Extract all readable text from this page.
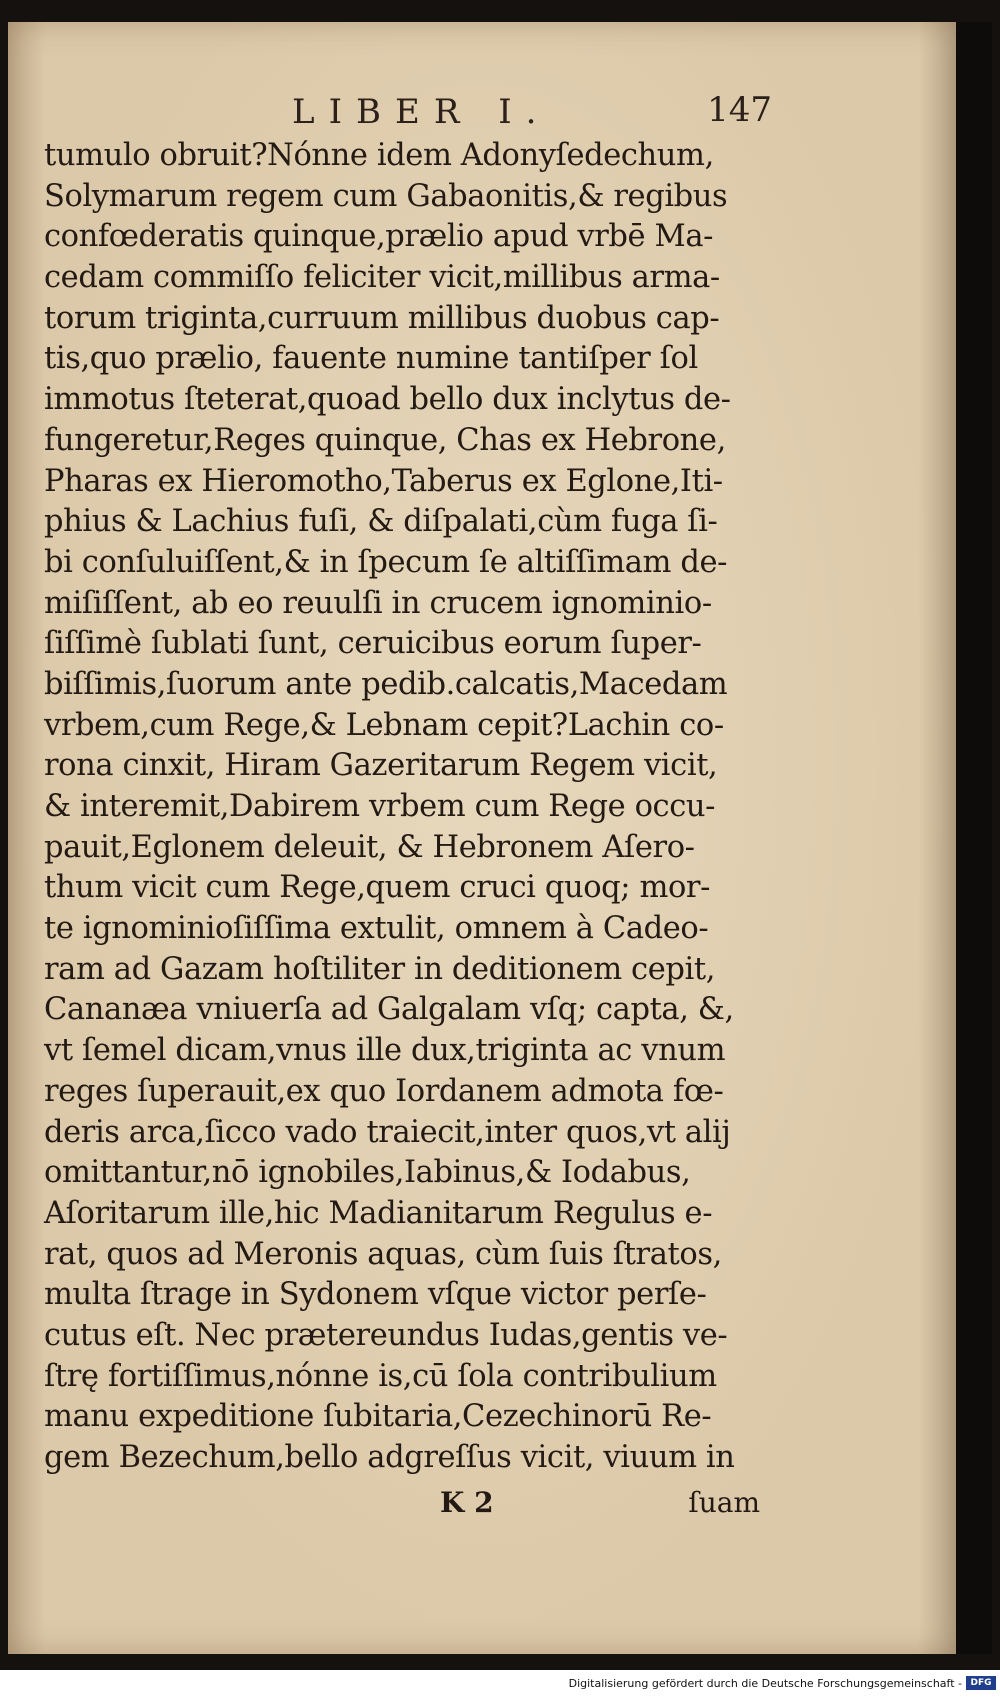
LIBER I.	147
tumulo obruit?Nónne idem Adonyſedechum,
Solymarum regem cum Gabaonitis,& regibus
confœderatis quinque,prælio apud vrbē Ma-
cedam commiſſo feliciter vicit,millibus arma-
torum triginta,curruum millibus duobus cap-
tis,quo prælio, fauente numine tantiſper ſol
immotus ſteterat,quoad bello dux inclytus de-
fungeretur,Reges quinque, Chas ex Hebrone,
Pharas ex Hieromotho,Taberus ex Eglone,Iti-
phius & Lachius fuſi, & diſpalati,cùm fuga ſi-
bi conſuluiſſent,& in ſpecum ſe altiſſimam de-
miſiſſent, ab eo reuulſi in crucem ignominio-
ſiſſimè ſublati ſunt, ceruicibus eorum ſuper-
biſſimis,ſuorum ante pedib.calcatis,Macedam
vrbem,cum Rege,& Lebnam cepit?Lachin co-
rona cinxit, Hiram Gazeritarum Regem vicit,
& interemit,Dabirem vrbem cum Rege occu-
pauit,Eglonem deleuit, & Hebronem Aſero-
thum vicit cum Rege,quem cruci quoq; mor-
te ignominioſiſſima extulit, omnem à Cadeo-
ram ad Gazam hoſtiliter in deditionem cepit,
Cananæa vniuerſa ad Galgalam vſq; capta, &,
vt ſemel dicam,vnus ille dux,triginta ac vnum
reges ſuperauit,ex quo Iordanem admota fœ-
deris arca,ſicco vado traiecit,inter quos,vt alij
omittantur,nō ignobiles,Iabinus,& Iodabus,
Aſoritarum ille,hic Madianitarum Regulus e-
rat, quos ad Meronis aquas, cùm ſuis ſtratos,
multa ſtrage in Sydonem vſque victor perſe-
cutus eſt. Nec prætereundus Iudas,gentis ve-
ſtrę fortiſſimus,nónne is,cū ſola contribulium
manu expeditione ſubitaria,Cezechinorū Re-
gem Bezechum,bello adgreſſus vicit, viuum in
K 2	ſuam
Digitalisierung gefördert durch die Deutsche Forschungsgemeinschaft - DFG
